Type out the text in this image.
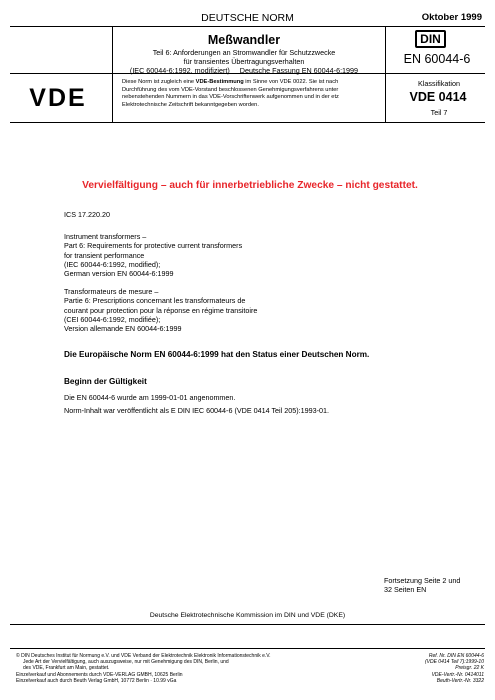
DEUTSCHE NORM	Oktober 1999
Meßwandler
Teil 6: Anforderungen an Stromwandler für Schutzzwecke
für transientes Übertragungsverhalten
(IEC 60044-6:1992, modifiziert)     Deutsche Fassung EN 60044-6:1999
DIN
EN 60044-6
VDE
Diese Norm ist zugleich eine VDE-Bestimmung im Sinne von VDE 0022. Sie ist nach Durchführung des vom VDE-Vorstand beschlossenen Genehmigungsverfahrens unter nebenstehenden Nummern in das VDE-Vorschriftenwerk aufgenommen und in der etz Elektrotechnische Zeitschrift bekanntgegeben worden.
Klassifikation
VDE 0414
Teil 7
Vervielfältigung – auch für innerbetriebliche Zwecke – nicht gestattet.
ICS 17.220.20
Instrument transformers –
Part 6: Requirements for protective current transformers
for transient performance
(IEC 60044-6:1992, modified);
German version EN 60044-6:1999
Transformateurs de mesure –
Partie 6: Prescriptions concernant les transformateurs de
courant pour protection pour la réponse en régime transitoire
(CEI 60044-6:1992, modifiée);
Version allemande EN 60044-6:1999
Die Europäische Norm EN 60044-6:1999 hat den Status einer Deutschen Norm.
Beginn der Gültigkeit
Die EN 60044-6 wurde am 1999-01-01 angenommen.
Norm-Inhalt war veröffentlicht als E DIN IEC 60044-6 (VDE 0414 Teil 205):1993-01.
Fortsetzung Seite 2 und
32 Seiten EN
Deutsche Elektrotechnische Kommission im DIN und VDE (DKE)
© DIN Deutsches Institut für Normung e.V. und VDE Verband der Elektrotechnik Elektronik Informationstechnik e.V.
Jede Art der Vervielfältigung, auch auszugsweise, nur mit Genehmigung des DIN, Berlin, und
des VDE, Frankfurt am Main, gestattet.
Einzelverkauf und Abonnements durch VDE-VERLAG GMBH, 10625 Berlin
Einzelverkauf auch durch Beuth Verlag GmbH, 10772 Berlin · 10.99 vGa
Ref. Nr. DIN EN 60044-6
(VDE 0414 Teil 7):1999-10
Preisgr. 22 K
VDE-Vertr.-Nr. 0414011
Beuth-Vertr.-Nr. 3322
